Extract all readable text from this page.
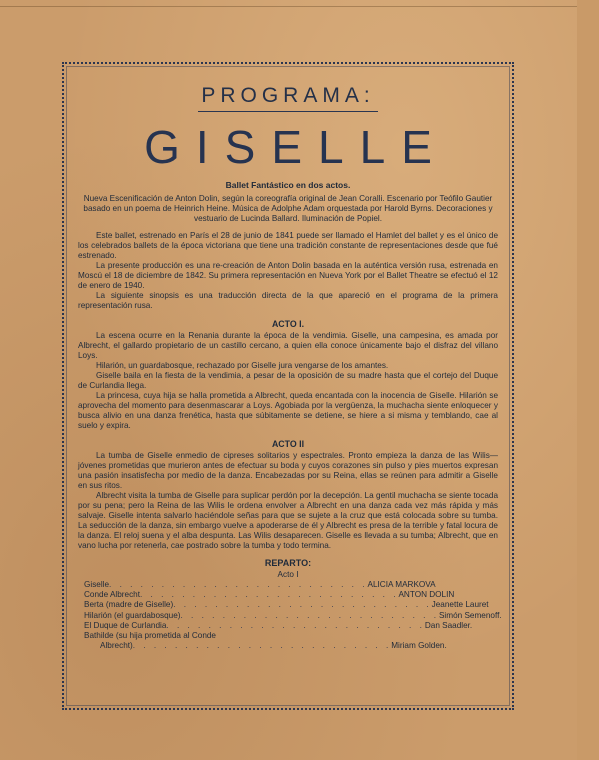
PROGRAMA:
GISELLE
Ballet Fantástico en dos actos.

Nueva Escenificación de Anton Dolin, según la coreografía original de Jean Coralli. Escenario por Teófilo Gautier basado en un poema de Heinrich Heine. Música de Adolphe Adam orquestada por Harold Byrns. Decoraciones y vestuario de Lucinda Ballard. Iluminación de Popiel.

Este ballet, estrenado en París el 28 de junio de 1841 puede ser llamado el Hamlet del ballet y es el único de los celebrados ballets de la época victoriana que tiene una tradición constante de representaciones desde que fué estrenado.

La presente producción es una re-creación de Anton Dolin basada en la auténtica versión rusa, estrenada en Moscú el 18 de diciembre de 1842. Su primera representación en Nueva York por el Ballet Theatre se efectuó el 12 de enero de 1940.

La siguiente sinopsis es una traducción directa de la que apareció en el programa de la primera representación rusa.

ACTO I.

La escena ocurre en la Renania durante la época de la vendimia. Giselle, una campesina, es amada por Albrecht, el gallardo propietario de un castillo cercano, a quien ella conoce únicamente bajo el disfraz del villano Loys.

Hilarión, un guardabosque, rechazado por Giselle jura vengarse de los amantes.

Giselle baila en la fiesta de la vendimia, a pesar de la oposición de su madre hasta que el cortejo del Duque de Curlandia llega.

La princesa, cuya hija se halla prometida a Albrecht, queda encantada con la inocencia de Giselle. Hilarión se aprovecha del momento para desenmascarar a Loys. Agobiada por la vergüenza, la muchacha siente enloquecer y busca alivio en una danza frenética, hasta que súbitamente se detiene, se hiere a si misma y temblando, cae al suelo y expira.

ACTO II

La tumba de Giselle enmedio de cipreses solitarios y espectrales. Pronto empieza la danza de las Wilis—jóvenes prometidas que murieron antes de efectuar su boda y cuyos corazones sin pulso y pies muertos expresan una pasión insatisfecha por medio de la danza. Encabezadas por su Reina, ellas se reúnen para admitir a Giselle en sus ritos.

Albrecht visita la tumba de Giselle para suplicar perdón por la decepción. La gentil muchacha se siente tocada por su pena; pero la Reina de las Wilis le ordena envolver a Albrecht en una danza cada vez más rápida y más salvaje. Giselle intenta salvarlo haciéndole señas para que se sujete a la cruz que está colocada sobre su tumba. La seducción de la danza, sin embargo vuelve a apoderarse de él y Albrecht es presa de la terrible y fatal locura de la danza. El reloj suena y el alba despunta. Las Wilis desaparecen. Giselle es llevada a su tumba; Albrecht, que en vano lucha por retenerla, cae postrado sobre la tumba y todo termina.

REPARTO:
Acto I
Giselle . . . . . . . . . . . . . . . . . . . . . . . . . ALICIA MARKOVA
Conde Albrecht . . . . . . . . . . . . . . . . . . . . . . . . . ANTON DOLIN
Berta (madre de Giselle) . . . . . . . . . . . . . . . . . . . . . . . . . Jeanette Lauret
Hilarión (el guardabosque) . . . . . . . . . . . . . . . . . . . . . . . . . Simón Semenoff.
El Duque de Curlandia . . . . . . . . . . . . . . . . . . . . . . . . . Dan Saadler.
Bathilde (su hija prometida al Conde
Albrecht) . . . . . . . . . . . . . . . . . . . . . . . . . Miriam Golden.
